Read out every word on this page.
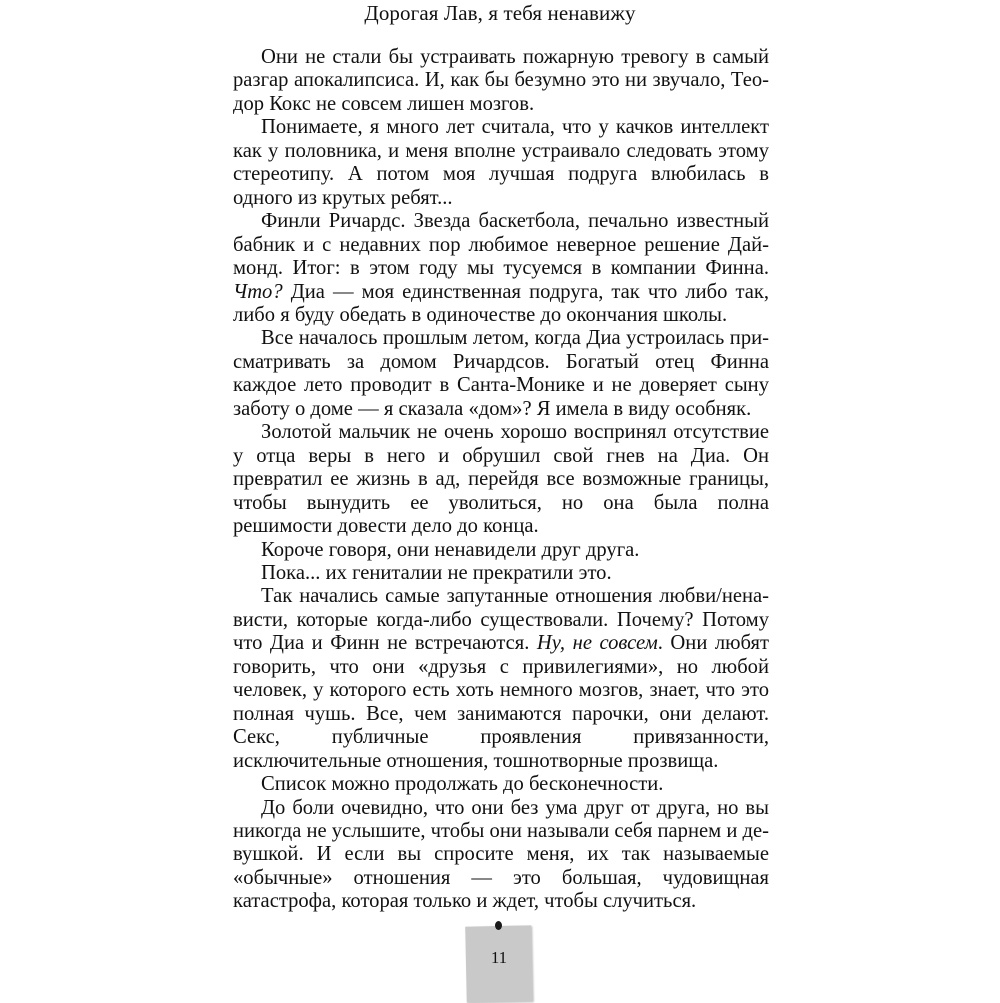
Дорогая Лав, я тебя ненавижу

Они не стали бы устраивать пожарную тревогу в самый разгар апокалипсиса. И, как бы безумно это ни звучало, Теодор Кокс не совсем лишен мозгов.

Понимаете, я много лет считала, что у качков интеллект как у половника, и меня вполне устраивало следовать этому стереотипу. А потом моя лучшая подруга влюбилась в одного из крутых ребят...

Финли Ричардс. Звезда баскетбола, печально известный бабник и с недавних пор любимое неверное решение Даймонд. Итог: в этом году мы тусуемся в компании Финна. Что? Диа — моя единственная подруга, так что либо так, либо я буду обедать в одиночестве до окончания школы.

Все началось прошлым летом, когда Диа устроилась присматривать за домом Ричардсов. Богатый отец Финна каждое лето проводит в Санта-Монике и не доверяет сыну заботу о доме — я сказала «дом»? Я имела в виду особняк.

Золотой мальчик не очень хорошо воспринял отсутствие у отца веры в него и обрушил свой гнев на Диа. Он превратил ее жизнь в ад, перейдя все возможные границы, чтобы вынудить ее уволиться, но она была полна решимости довести дело до конца.

Короче говоря, они ненавидели друг друга.

Пока... их гениталии не прекратили это.

Так начались самые запутанные отношения любви/ненависти, которые когда-либо существовали. Почему? Потому что Диа и Финн не встречаются. Ну, не совсем. Они любят говорить, что они «друзья с привилегиями», но любой человек, у которого есть хоть немного мозгов, знает, что это полная чушь. Все, чем занимаются парочки, они делают. Секс, публичные проявления привязанности, исключительные отношения, тошнотворные прозвища.

Список можно продолжать до бесконечности.

До боли очевидно, что они без ума друг от друга, но вы никогда не услышите, чтобы они называли себя парнем и девушкой. И если вы спросите меня, их так называемые «обычные» отношения — это большая, чудовищная катастрофа, которая только и ждет, чтобы случиться.

11
